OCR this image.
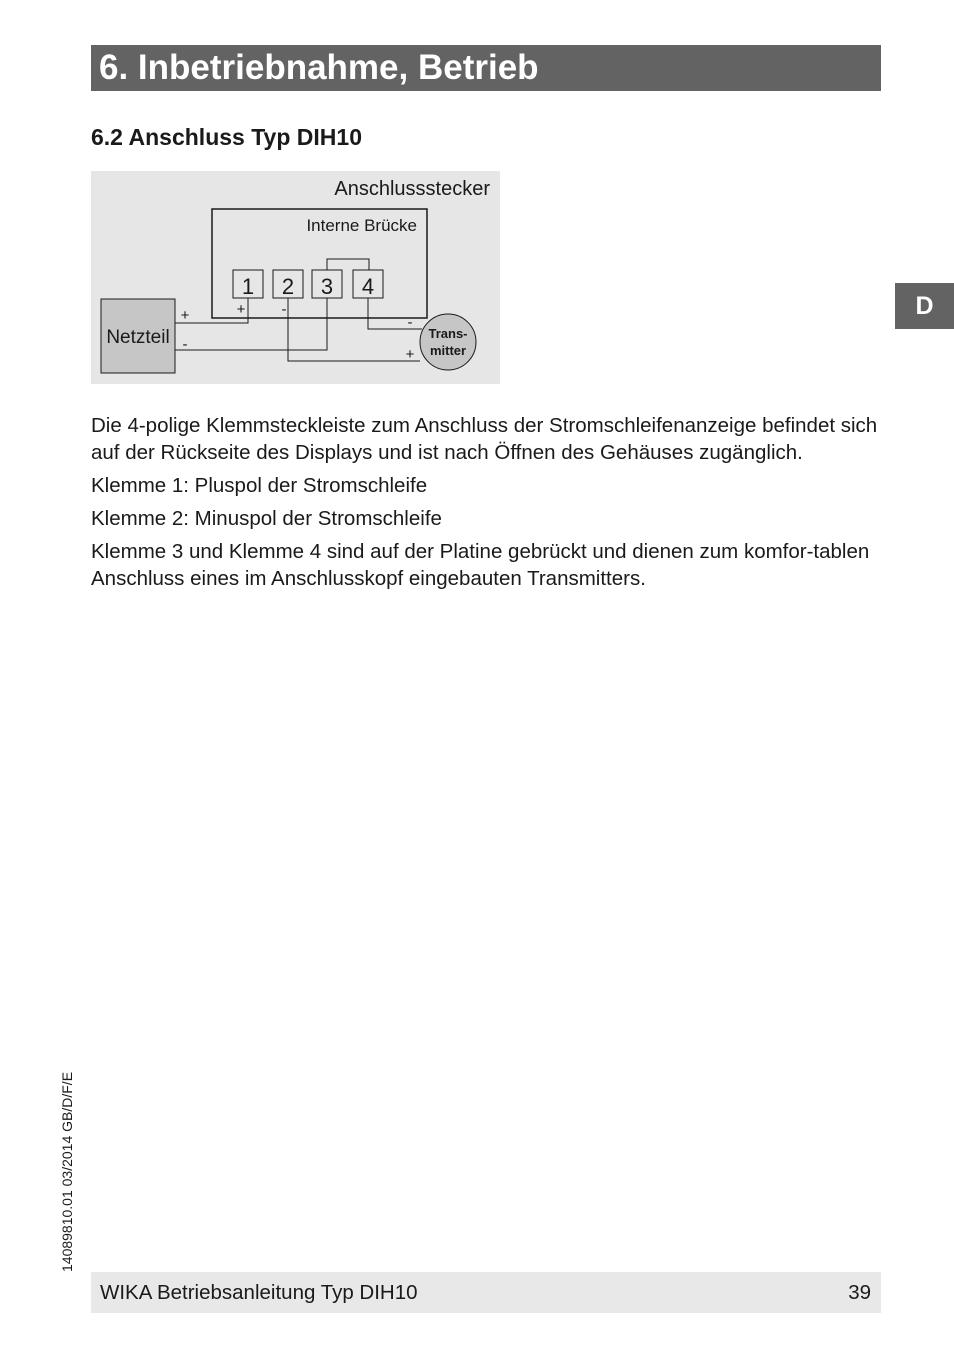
6. Inbetriebnahme, Betrieb
6.2 Anschluss Typ DIH10
D
Anschlussstecker
Interne Brücke
1 2 3 4
Netzteil	Trans-
mitter
+
-
+ -
-
+

Die 4-polige Klemmsteckleiste zum Anschluss der Stromschleifenanzeige befindet sich auf der Rückseite des Displays und ist nach Öffnen des Gehäuses zugänglich.

Klemme 1: Pluspol der Stromschleife

Klemme 2: Minuspol der Stromschleife

Klemme 3 und Klemme 4 sind auf der Platine gebrückt und dienen zum komfor-tablen Anschluss eines im Anschlusskopf eingebauten Transmitters.

14089810.01 03/2014 GB/D/F/E
WIKA Betriebsanleitung Typ DIH10	39
